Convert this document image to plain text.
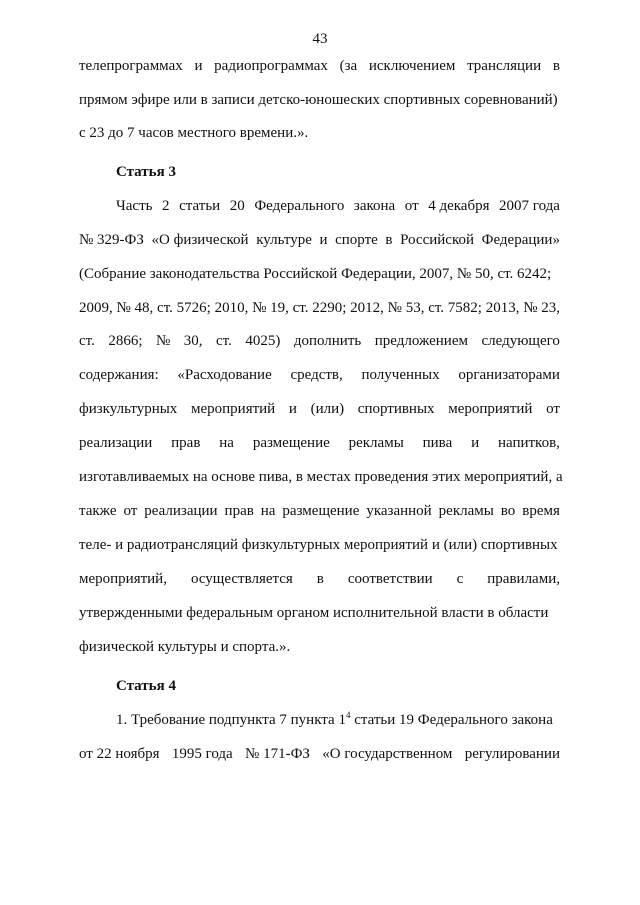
43
телепрограммах и радиопрограммах (за исключением трансляции в
прямом эфире или в записи детско-юношеских спортивных соревнований)
с 23 до 7 часов местного времени.».
Статья 3
Часть 2 статьи 20 Федерального закона от 4 декабря 2007 года
№ 329-ФЗ «О физической культуре и спорте в Российской Федерации»
(Собрание законодательства Российской Федерации, 2007, № 50, ст. 6242;
2009, № 48, ст. 5726; 2010, № 19, ст. 2290; 2012, № 53, ст. 7582; 2013, № 23,
ст. 2866; № 30, ст. 4025) дополнить предложением следующего
содержания: «Расходование средств, полученных организаторами
физкультурных мероприятий и (или) спортивных мероприятий от
реализации прав на размещение рекламы пива и напитков,
изготавливаемых на основе пива, в местах проведения этих мероприятий, а
также от реализации прав на размещение указанной рекламы во время
теле- и радиотрансляций физкультурных мероприятий и (или) спортивных
мероприятий, осуществляется в соответствии с правилами,
утвержденными федеральным органом исполнительной власти в области
физической культуры и спорта.».
Статья 4
1. Требование подпункта 7 пункта $1^4$ статьи 19 Федерального закона
от 22 ноября 1995 года № 171-ФЗ «О государственном регулировании
